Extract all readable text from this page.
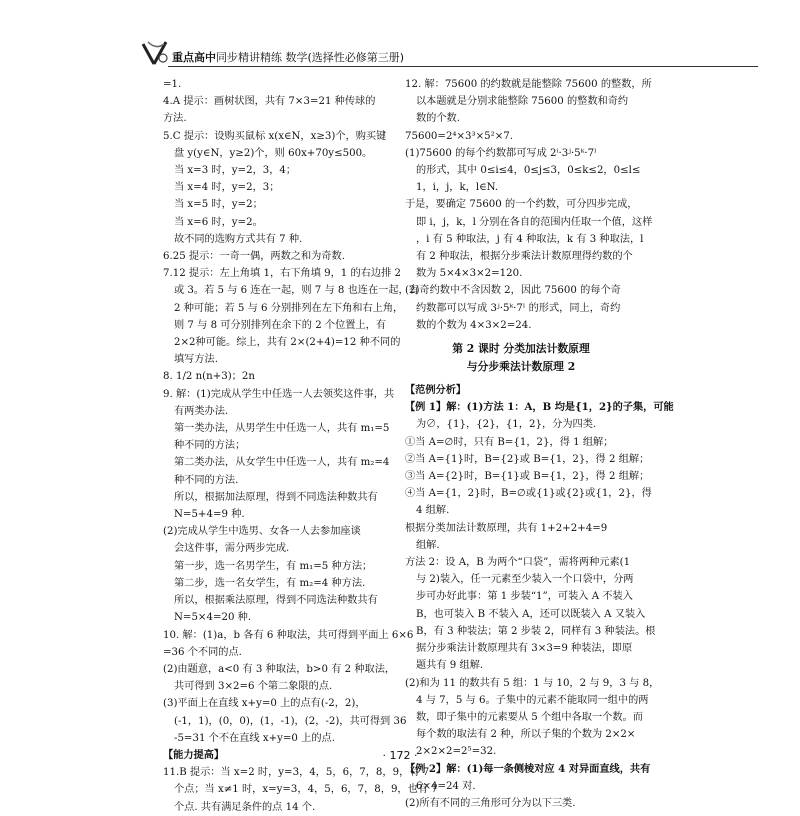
重点高中同步精讲精练 数学(选择性必修第三册)
=1.
4.A 提示：画树状图，共有 7×3=21 种传球的
方法.
5.C 提示：设购买鼠标 x(x∈N，x≥3)个，购买键
盘 y(y∈N，y≥2)个，则 60x+70y≤500。
当 x=3 时，y=2，3，4；
当 x=4 时，y=2，3；
当 x=5 时，y=2；
当 x=6 时，y=2。
故不同的选购方式共有 7 种.
6.25 提示：一奇一偶，两数之和为奇数.
7.12 提示：左上角填 1，右下角填 9，1 的右边排 2
或 3。若 5 与 6 连在一起，则 7 与 8 也连在一起，有
2 种可能；若 5 与 6 分别排列在左下角和右上角，
则 7 与 8 可分别排列在余下的 2 个位置上，有
2×2种可能。综上，共有 2×(2+4)=12 种不同的
填写方法.
8. 1/2 n(n+3)；2n
9. 解：(1)完成从学生中任选一人去领奖这件事，共
有两类办法.
第一类办法，从男学生中任选一人，共有 m₁=5
种不同的方法；
第二类办法，从女学生中任选一人，共有 m₂=4
种不同的方法.
所以，根据加法原理，得到不同选法种数共有
N=5+4=9 种.
(2)完成从学生中选男、女各一人去参加座谈
会这件事，需分两步完成.
第一步，选一名男学生，有 m₁=5 种方法；
第二步，选一名女学生，有 m₂=4 种方法.
所以，根据乘法原理，得到不同选法种数共有
N=5×4=20 种.
10. 解：(1)a，b 各有 6 种取法，共可得到平面上 6×6
=36 个不同的点.
(2)由题意，a<0 有 3 种取法，b>0 有 2 种取法，
共可得到 3×2=6 个第二象限的点.
(3)平面上在直线 x+y=0 上的点有(-2，2)，
(-1，1)，(0，0)，(1，-1)，(2，-2)，共可得到 36
-5=31 个不在直线 x+y=0 上的点.
【能力提高】
11.B 提示：当 x=2 时，y=3，4，5，6，7，8，9，有 7
个点；当 x≠1 时，x=y=3，4，5，6，7，8，9，也有 7
个点. 共有满足条件的点 14 个.
12. 解：75600 的约数就是能整除 75600 的整数，所
以本题就是分别求能整除 75600 的整数和奇约
数的个数.
75600=2⁴×3³×5²×7.
(1)75600 的每个约数都可写成 2ⁱ·3ʲ·5ᵏ·7ˡ
的形式，其中 0≤i≤4，0≤j≤3，0≤k≤2，0≤l≤
1，i，j，k，l∈N.
于是，要确定 75600 的一个约数，可分四步完成，
即 i，j，k，l 分别在各自的范围内任取一个值，这样
，i 有 5 种取法，j 有 4 种取法，k 有 3 种取法，l
有 2 种取法，根据分步乘法计数原理得约数的个
数为 5×4×3×2=120.
(2)奇约数中不含因数 2，因此 75600 的每个奇
约数都可以写成 3ʲ·5ᵏ·7ˡ 的形式，同上，奇约
数的个数为 4×3×2=24.
第 2 课时 分类加法计数原理
与分步乘法计数原理 2
【范例分析】
【例 1】解：(1)方法 1：A，B 均是{1，2}的子集，可能
为∅，{1}，{2}，{1，2}，分为四类.
①当 A=∅时，只有 B={1，2}，得 1 组解；
②当 A={1}时，B={2}或 B={1，2}，得 2 组解；
③当 A={2}时，B={1}或 B={1，2}，得 2 组解；
④当 A={1，2}时，B=∅或{1}或{2}或{1，2}，得
4 组解.
根据分类加法计数原理，共有 1+2+2+4=9
组解.
方法 2：设 A，B 为两个“口袋”，需将两种元素(1
与 2)装入，任一元素至少装入一个口袋中，分两
步可办好此事：第 1 步装“1”，可装入 A 不装入
B，也可装入 B 不装入 A，还可以既装入 A 又装入
B，有 3 种装法；第 2 步装 2，同样有 3 种装法。根
据分步乘法计数原理共有 3×3=9 种装法，即原
题共有 9 组解.
(2)和为 11 的数共有 5 组：1 与 10，2 与 9，3 与 8，
4 与 7，5 与 6。子集中的元素不能取同一组中的两
数，即子集中的元素要从 5 个组中各取一个数。而
每个数的取法有 2 种，所以子集的个数为 2×2×
2×2×2=2⁵=32.
【例 2】解：(1)每一条侧棱对应 4 对异面直线，共有
6×4=24 对.
(2)所有不同的三角形可分为以下三类.
· 172 ·
